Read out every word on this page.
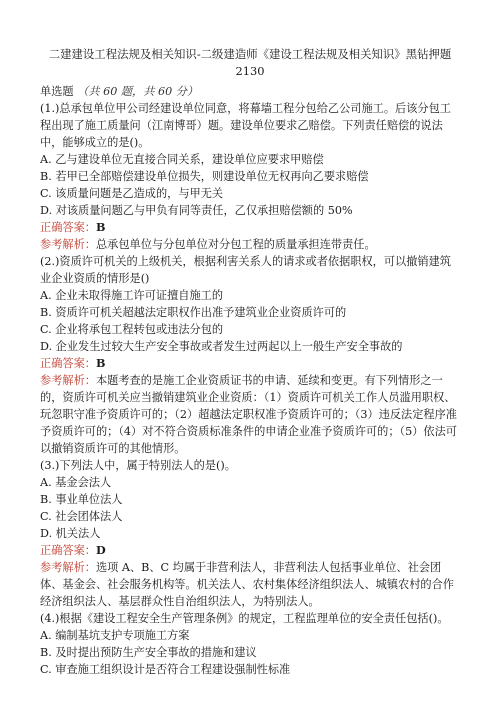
二建建设工程法规及相关知识-二级建造师《建设工程法规及相关知识》黑钻押题2130
单选题 （共 60 题，共 60 分）

(1.)总承包单位甲公司经建设单位同意，将幕墙工程分包给乙公司施工。后该分包工程出现了施工质量问（江南博哥）题。建设单位要求乙赔偿。下列责任赔偿的说法中，能够成立的是()。

A. 乙与建设单位无直接合同关系，建设单位应要求甲赔偿

B. 若甲已全部赔偿建设单位损失，则建设单位无权再向乙要求赔偿

C. 该质量问题是乙造成的，与甲无关

D. 对该质量问题乙与甲负有同等责任，乙仅承担赔偿额的 50%

正确答案：B

参考解析：总承包单位与分包单位对分包工程的质量承担连带责任。

(2.)资质许可机关的上级机关，根据利害关系人的请求或者依据职权，可以撤销建筑业企业资质的情形是()

A. 企业未取得施工许可证擅自施工的

B. 资质许可机关超越法定职权作出准予建筑业企业资质许可的

C. 企业将承包工程转包或违法分包的

D. 企业发生过较大生产安全事故或者发生过两起以上一般生产安全事故的

正确答案：B

参考解析：本题考查的是施工企业资质证书的申请、延续和变更。有下列情形之一的，资质许可机关应当撤销建筑业企业资质：（1）资质许可机关工作人员滥用职权、玩忽职守准予资质许可的；（2）超越法定职权准予资质许可的；（3）违反法定程序准予资质许可的；（4）对不符合资质标准条件的申请企业准予资质许可的；（5）依法可以撤销资质许可的其他情形。

(3.)下列法人中，属于特别法人的是()。

A. 基金会法人

B. 事业单位法人

C. 社会团体法人

D. 机关法人

正确答案：D

参考解析：选项 A、B、C 均属于非营利法人，非营利法人包括事业单位、社会团体、基金会、社会服务机构等。机关法人、农村集体经济组织法人、城镇农村的合作经济组织法人、基层群众性自治组织法人，为特别法人。

(4.)根据《建设工程安全生产管理条例》的规定，工程监理单位的安全责任包括()。

A. 编制基坑支护专项施工方案

B. 及时提出预防生产安全事故的措施和建议

C. 审查施工组织设计是否符合工程建设强制性标准
